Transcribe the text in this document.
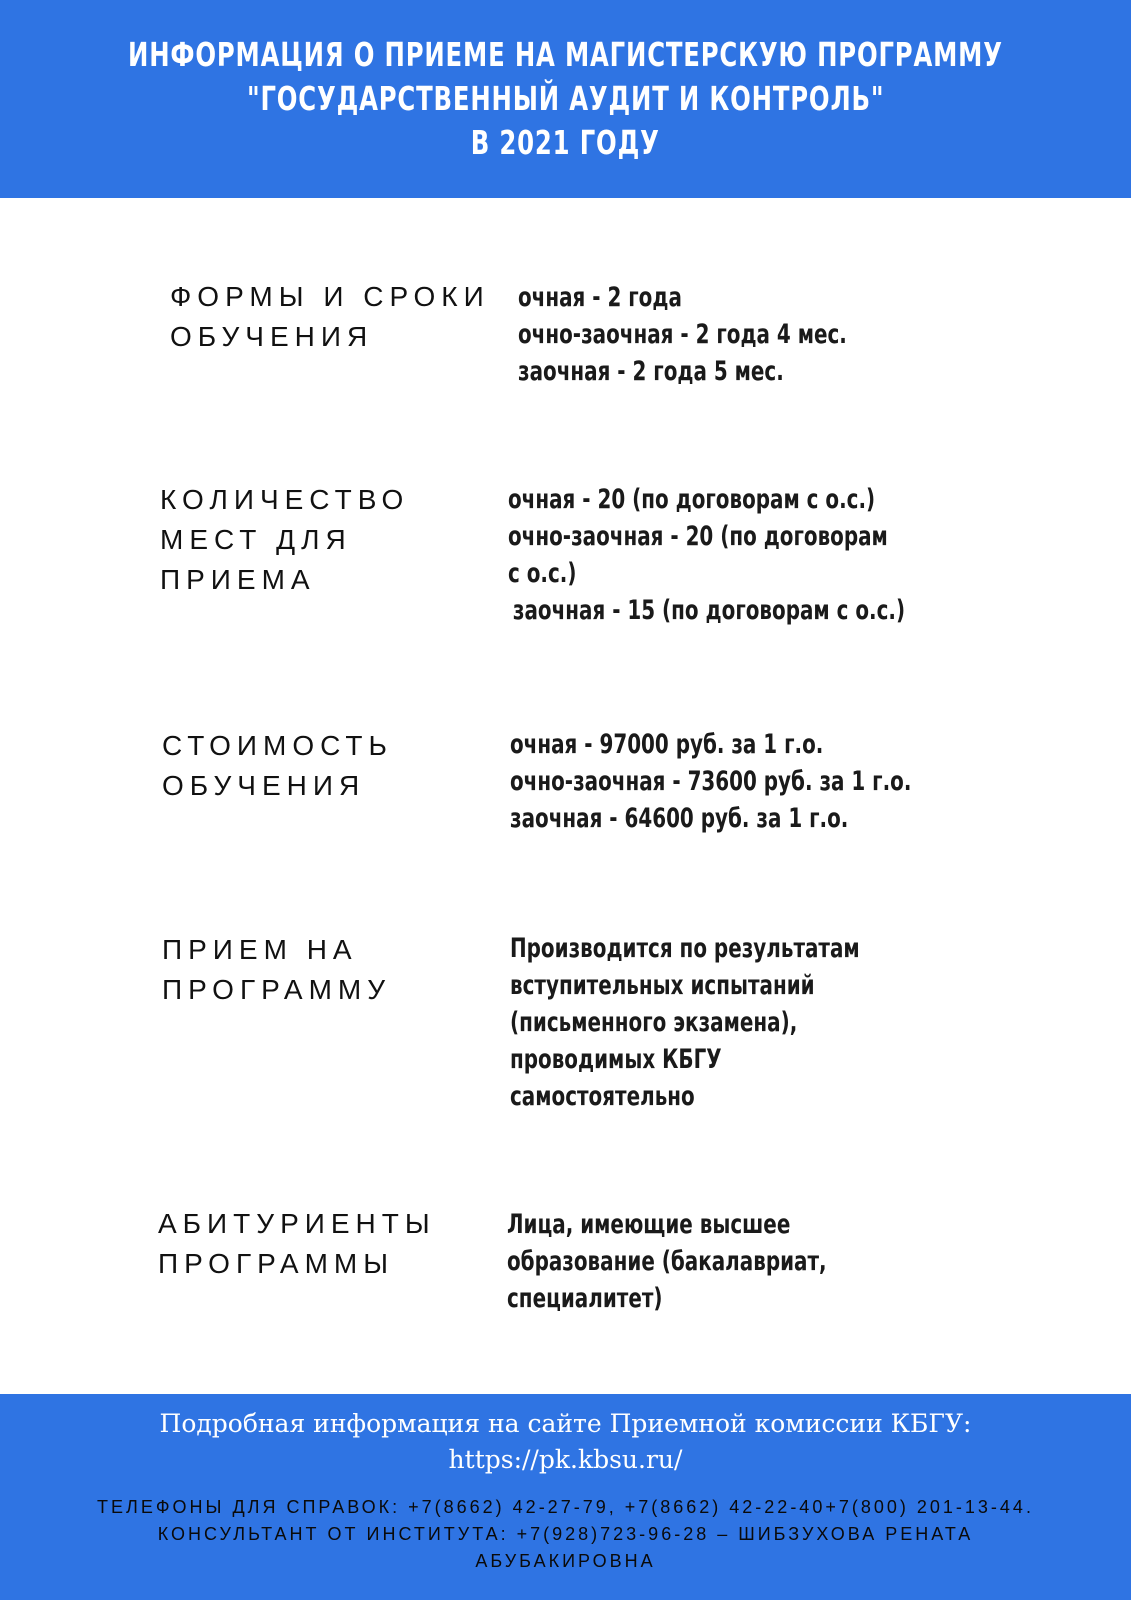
ИНФОРМАЦИЯ О ПРИЕМЕ НА МАГИСТЕРСКУЮ ПРОГРАММУ
"ГОСУДАРСТВЕННЫЙ АУДИТ И КОНТРОЛЬ"
В 2021 ГОДУ
ФОРМЫ И СРОКИ
ОБУЧЕНИЯ
очная - 2 года
очно-заочная - 2 года 4 мес.
заочная - 2 года 5 мес.
КОЛИЧЕСТВО
МЕСТ ДЛЯ
ПРИЕМА
очная - 20 (по договорам с о.с.)
очно-заочная - 20 (по договорам
с о.с.)
заочная - 15 (по договорам с о.с.)
СТОИМОСТЬ
ОБУЧЕНИЯ
очная - 97000 руб. за 1 г.о.
очно-заочная - 73600 руб. за 1 г.о.
заочная - 64600 руб. за 1 г.о.
ПРИЕМ НА
ПРОГРАММУ
Производится по результатам
вступительных испытаний
(письменного экзамена),
проводимых КБГУ
самостоятельно
АБИТУРИЕНТЫ
ПРОГРАММЫ
Лица, имеющие высшее
образование (бакалавриат,
специалитет)
Подробная информация на сайте Приемной комиссии КБГУ:
https://pk.kbsu.ru/
ТЕЛЕФОНЫ ДЛЯ СПРАВОК: +7(8662) 42-27-79, +7(8662) 42-22-40+7(800) 201-13-44.
КОНСУЛЬТАНТ ОТ ИНСТИТУТА: +7(928)723-96-28 – ШИБЗУХОВА РЕНАТА
АБУБАКИРОВНА
